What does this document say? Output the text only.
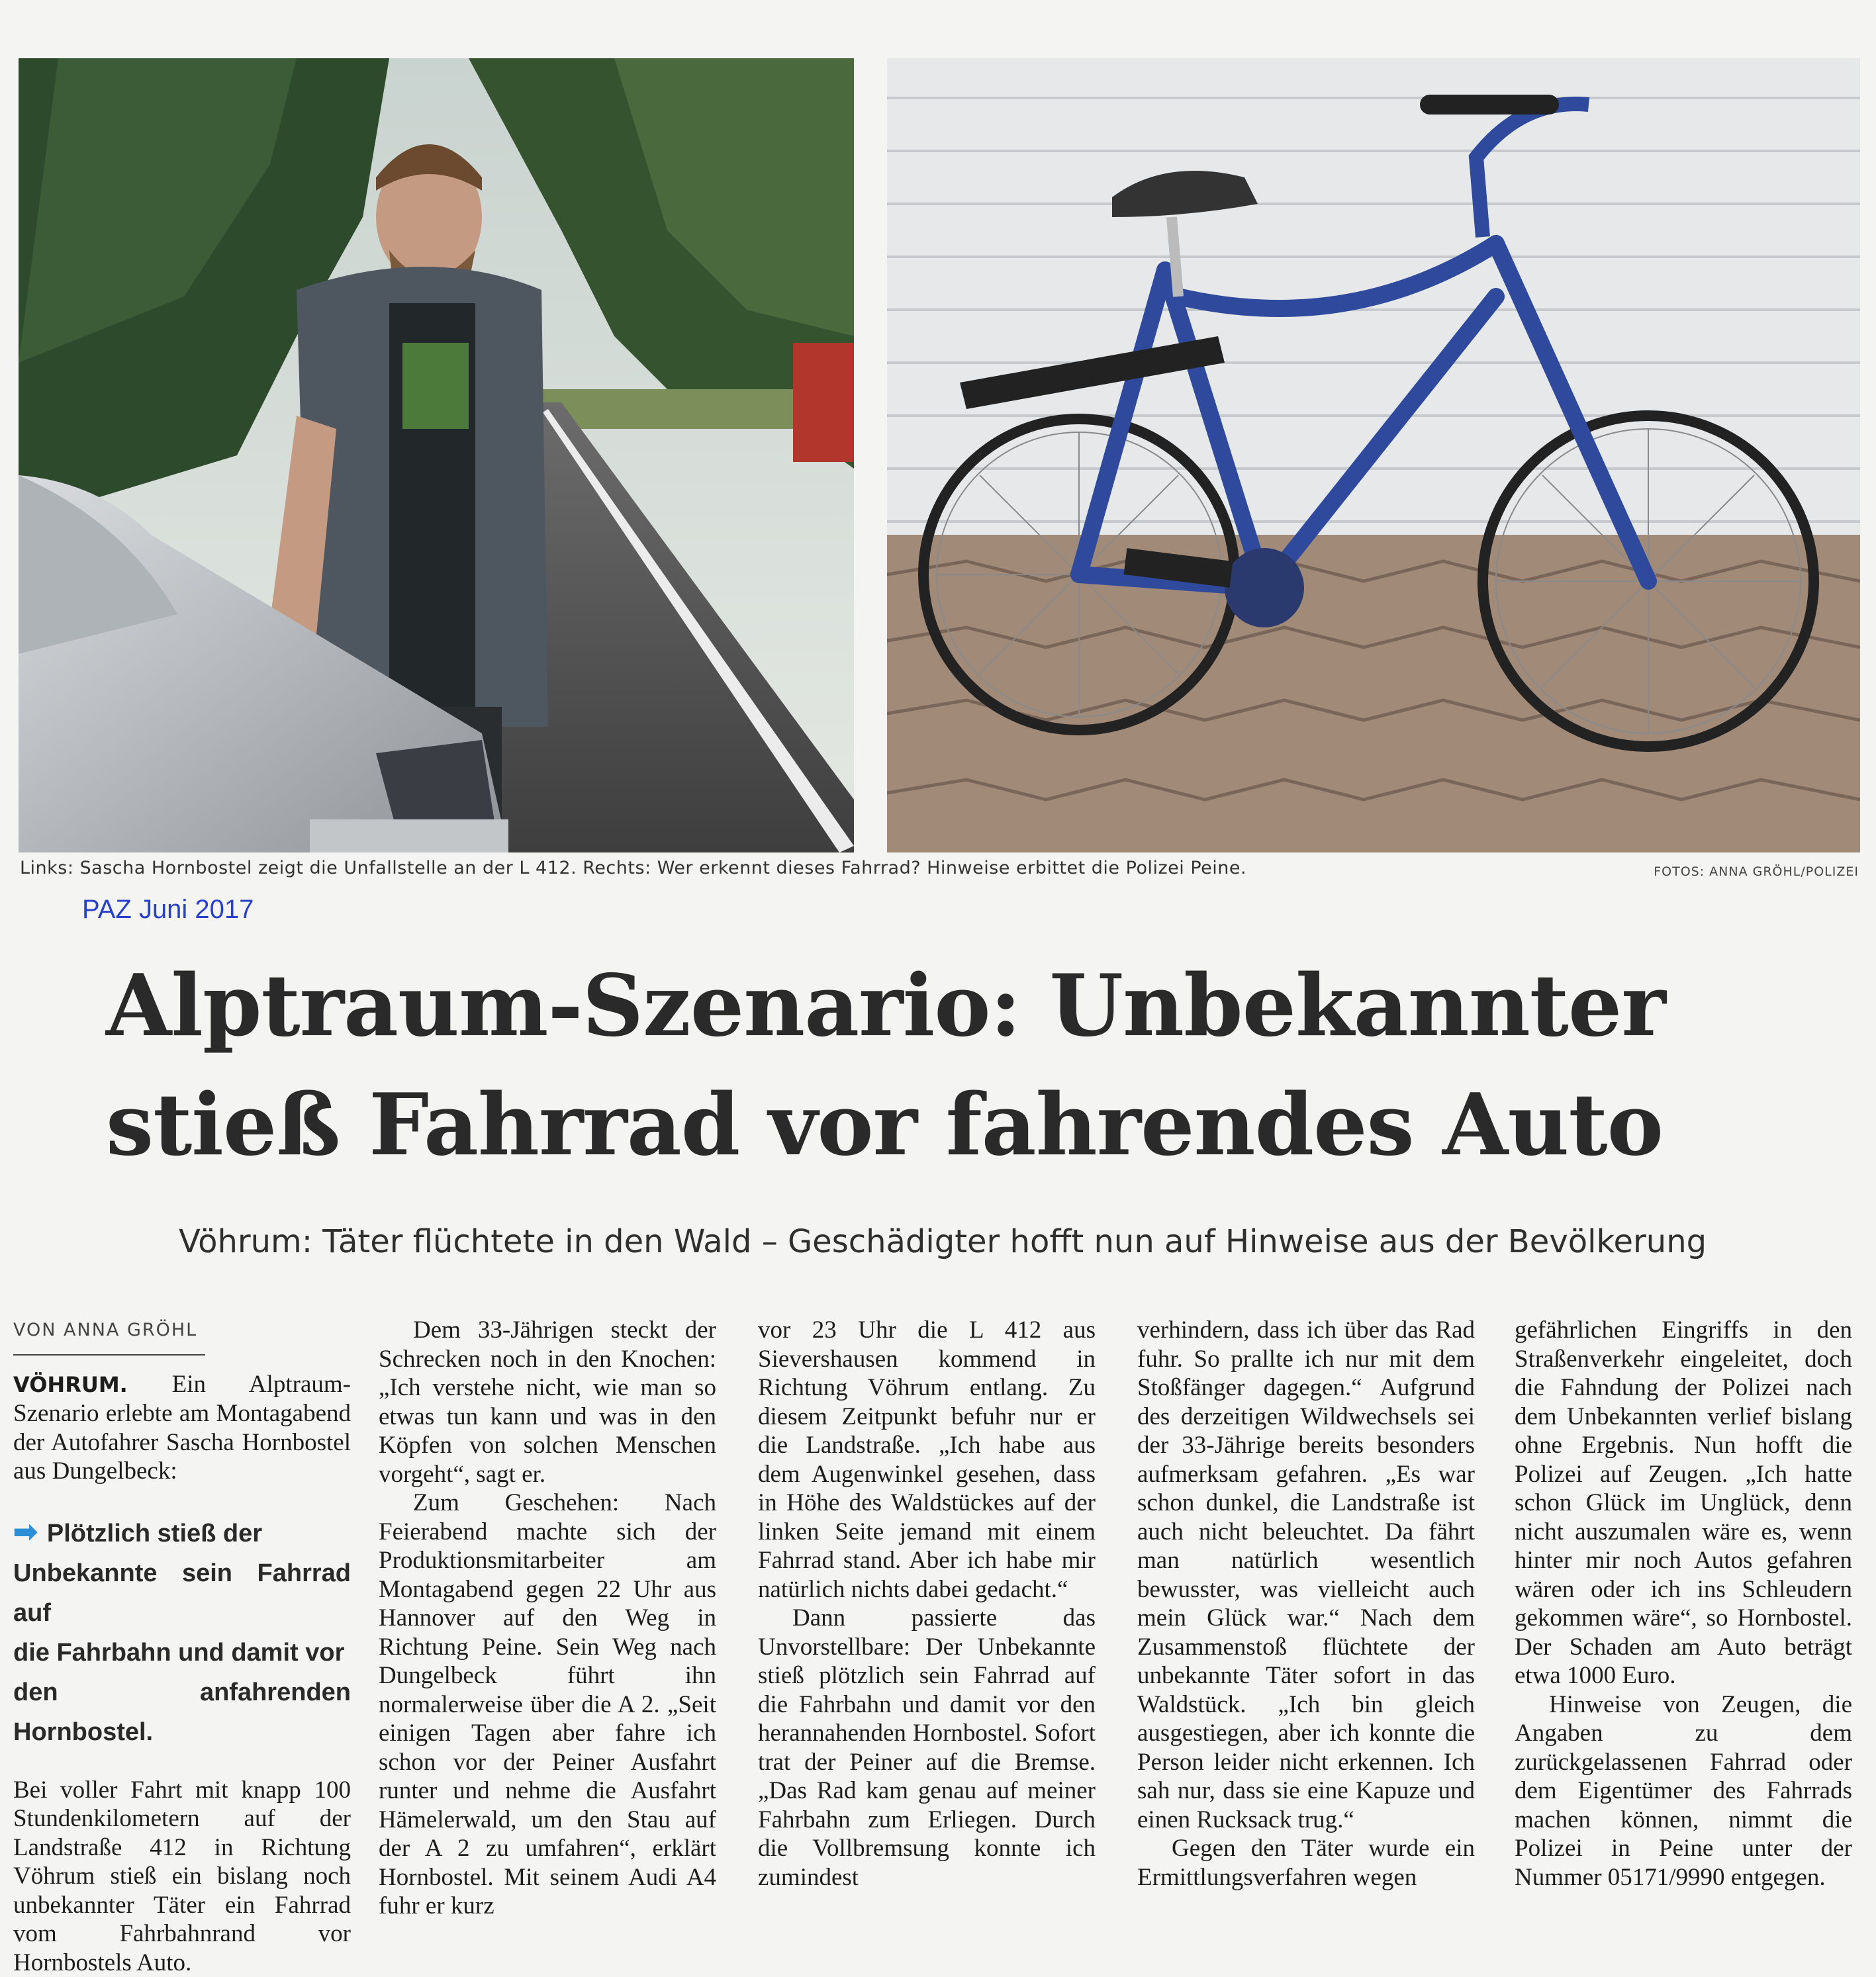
Links: Sascha Hornbostel zeigt die Unfallstelle an der L 412. Rechts: Wer erkennt dieses Fahrrad? Hinweise erbittet die Polizei Peine.	FOTOS: ANNA GRÖHL/POLIZEI
PAZ Juni 2017
Alptraum-Szenario: Unbekannter
stieß Fahrrad vor fahrendes Auto
Vöhrum: Täter flüchtete in den Wald – Geschädigter hofft nun auf Hinweise aus der Bevölkerung
VON ANNA GRÖHL

VÖHRUM. Ein Alptraum-Szenario erlebte am Montagabend der Autofahrer Sascha Hornbostel aus Dungelbeck:

➡ Plötzlich stieß der
Unbekannte sein Fahrrad auf
die Fahrbahn und damit vor
den anfahrenden Hornbostel.

Bei voller Fahrt mit knapp 100 Stundenkilometern auf der Landstraße 412 in Richtung Vöhrum stieß ein bislang noch unbekannter Täter ein Fahrrad vom Fahrbahnrand vor Hornbostels Auto.

Dem 33-Jährigen steckt der Schrecken noch in den Knochen: „Ich verstehe nicht, wie man so etwas tun kann und was in den Köpfen von solchen Menschen vorgeht“, sagt er.

Zum Geschehen: Nach Feierabend machte sich der Produktionsmitarbeiter am Montagabend gegen 22 Uhr aus Hannover auf den Weg in Richtung Peine. Sein Weg nach Dungelbeck führt ihn normalerweise über die A 2. „Seit einigen Tagen aber fahre ich schon vor der Peiner Ausfahrt runter und nehme die Ausfahrt Hämelerwald, um den Stau auf der A 2 zu umfahren“, erklärt Hornbostel. Mit seinem Audi A4 fuhr er kurz

vor 23 Uhr die L 412 aus Sievershausen kommend in Richtung Vöhrum entlang. Zu diesem Zeitpunkt befuhr nur er die Landstraße. „Ich habe aus dem Augenwinkel gesehen, dass in Höhe des Waldstückes auf der linken Seite jemand mit einem Fahrrad stand. Aber ich habe mir natürlich nichts dabei gedacht.“

Dann passierte das Unvorstellbare: Der Unbekannte stieß plötzlich sein Fahrrad auf die Fahrbahn und damit vor den herannahenden Hornbostel. Sofort trat der Peiner auf die Bremse. „Das Rad kam genau auf meiner Fahrbahn zum Erliegen. Durch die Vollbremsung konnte ich zumindest

verhindern, dass ich über das Rad fuhr. So prallte ich nur mit dem Stoßfänger dagegen.“ Aufgrund des derzeitigen Wildwechsels sei der 33-Jährige bereits besonders aufmerksam gefahren. „Es war schon dunkel, die Landstraße ist auch nicht beleuchtet. Da fährt man natürlich wesentlich bewusster, was vielleicht auch mein Glück war.“ Nach dem Zusammenstoß flüchtete der unbekannte Täter sofort in das Waldstück. „Ich bin gleich ausgestiegen, aber ich konnte die Person leider nicht erkennen. Ich sah nur, dass sie eine Kapuze und einen Rucksack trug.“

Gegen den Täter wurde ein Ermittlungsverfahren wegen

gefährlichen Eingriffs in den Straßenverkehr eingeleitet, doch die Fahndung der Polizei nach dem Unbekannten verlief bislang ohne Ergebnis. Nun hofft die Polizei auf Zeugen. „Ich hatte schon Glück im Unglück, denn nicht auszumalen wäre es, wenn hinter mir noch Autos gefahren wären oder ich ins Schleudern gekommen wäre“, so Hornbostel. Der Schaden am Auto beträgt etwa 1000 Euro.

Hinweise von Zeugen, die Angaben zu dem zurückgelassenen Fahrrad oder dem Eigentümer des Fahrrads machen können, nimmt die Polizei in Peine unter der Nummer 05171/9990 entgegen.
